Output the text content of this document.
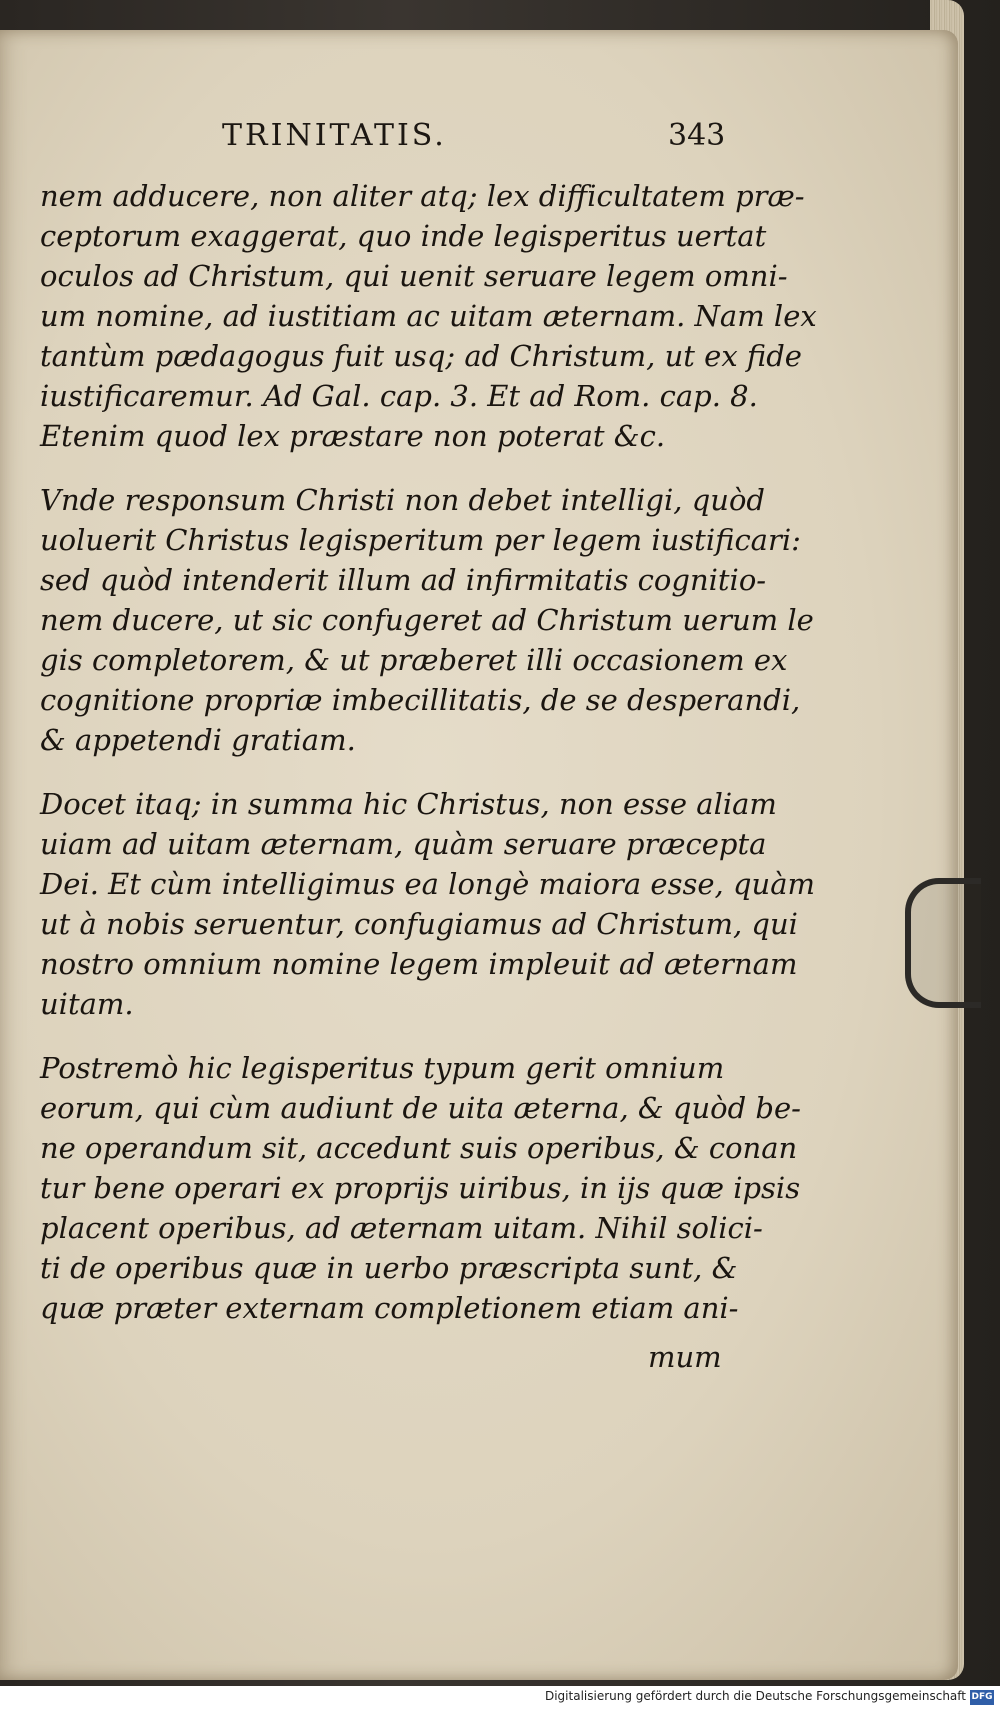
TRINITATIS.	343
nem adducere, non aliter atq; lex difficultatem præ-
ceptorum exaggerat, quo inde legisperitus uertat
oculos ad Christum, qui uenit seruare legem omni-
um nomine, ad iustitiam ac uitam æternam. Nam lex
tantùm pædagogus fuit usq; ad Christum, ut ex fide
iustificaremur. Ad Gal. cap. 3. Et ad Rom. cap. 8.
Etenim quod lex præstare non poterat &c.
Vnde responsum Christi non debet intelligi, quòd
uoluerit Christus legisperitum per legem iustificari:
sed quòd intenderit illum ad infirmitatis cognitio-
nem ducere, ut sic confugeret ad Christum uerum le
gis completorem, & ut præberet illi occasionem ex
cognitione propriæ imbecillitatis, de se desperandi,
& appetendi gratiam.
Docet itaq; in summa hic Christus, non esse aliam
uiam ad uitam æternam, quàm seruare præcepta
Dei. Et cùm intelligimus ea longè maiora esse, quàm
ut à nobis seruentur, confugiamus ad Christum, qui
nostro omnium nomine legem impleuit ad æternam
uitam.
Postremò hic legisperitus typum gerit omnium
eorum, qui cùm audiunt de uita æterna, & quòd be-
ne operandum sit, accedunt suis operibus, & conan
tur bene operari ex proprijs uiribus, in ijs quæ ipsis
placent operibus, ad æternam uitam. Nihil solici-
ti de operibus quæ in uerbo præscripta sunt, &
quæ præter externam completionem etiam ani-
mum
Digitalisierung gefördert durch die Deutsche Forschungsgemeinschaft DFG
